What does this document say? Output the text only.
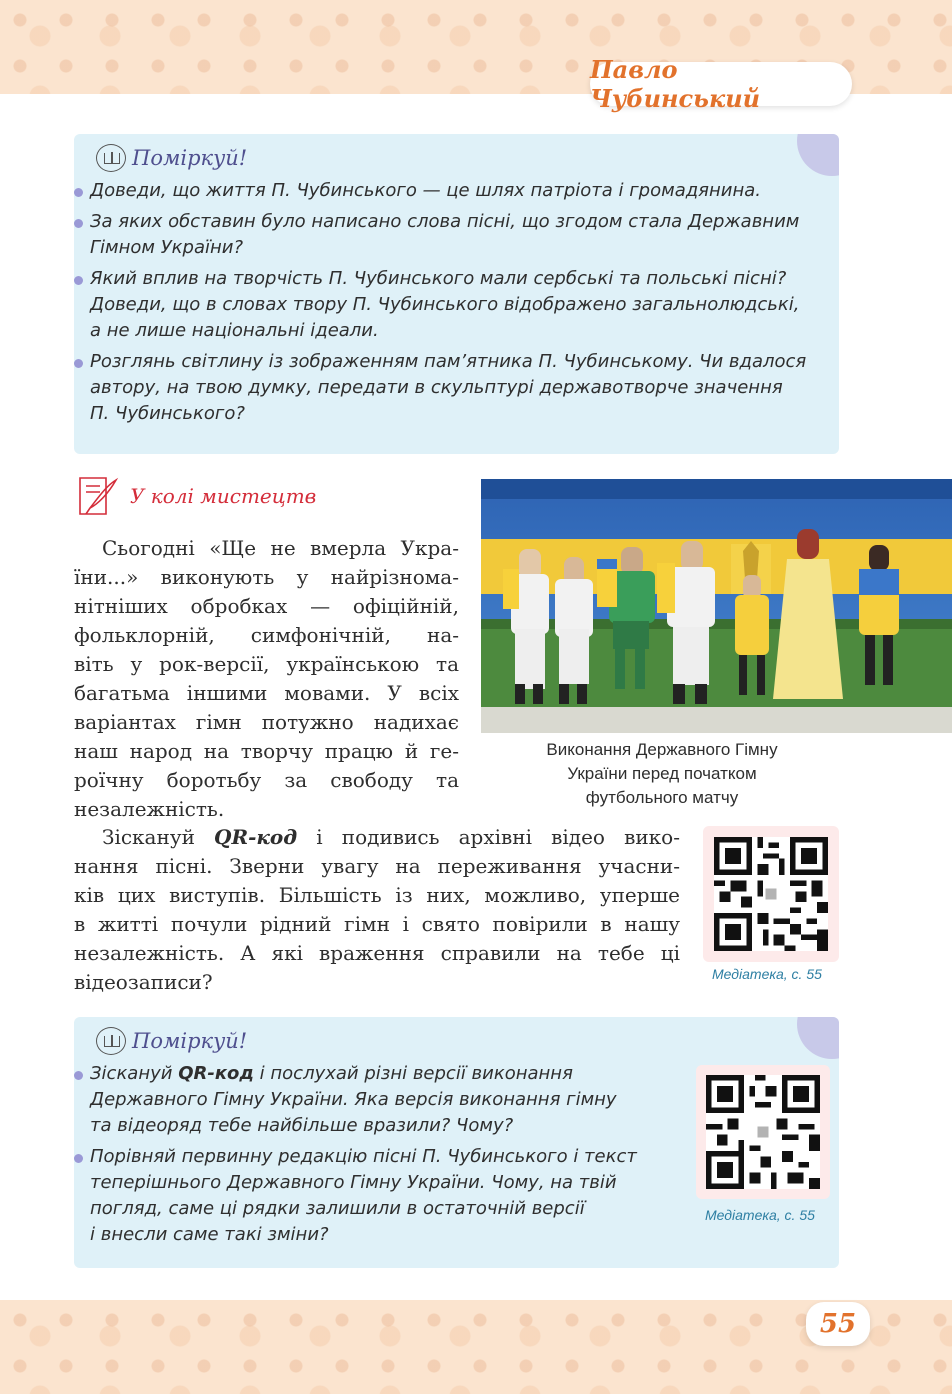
Павло Чубинський
Поміркуй!
Доведи, що життя П. Чубинського — це шлях патріота і громадянина.
За яких обставин було написано слова пісні, що згодом стала Державним
Гімном України?
Який вплив на творчість П. Чубинського мали сербські та польські пісні?
Доведи, що в словах твору П. Чубинського відображено загальнолюдські,
а не лише національні ідеали.
Розглянь світлину із зображенням пам’ятника П. Чубинському. Чи вдалося
автору, на твою думку, передати в скульптурі державотворче значення
П. Чубинського?
У колі мистецтв
Сьогодні «Ще не вмерла Укра-
їни...» виконують у найрізнома-
нітніших обробках — офіційній,
фольклорній, симфонічній, на-
віть у рок-версії, українською та
багатьма іншими мовами. У всіх
варіантах гімн потужно надихає
наш народ на творчу працю й ге-
роїчну боротьбу за свободу та
незалежність.
Виконання Державного Гімну
України перед початком
футбольного матчу
Зіскануй QR-код і подивись архівні відео вико-
нання пісні. Зверни увагу на переживання учасни-
ків цих виступів. Більшість із них, можливо, уперше
в житті почули рідний гімн і свято повірили в нашу
незалежність. А які враження справили на тебе ці
відеозаписи?	Медіатека, с. 55
Поміркуй!
Зіскануй QR-код і послухай різні версії виконання
Державного Гімну України. Яка версія виконання гімну
та відеоряд тебе найбільше вразили? Чому?
Порівняй первинну редакцію пісні П. Чубинського і текст
теперішнього Державного Гімну України. Чому, на твій
погляд, саме ці рядки залишили в остаточній версії
і внесли саме такі зміни?
Медіатека, с. 55
55
